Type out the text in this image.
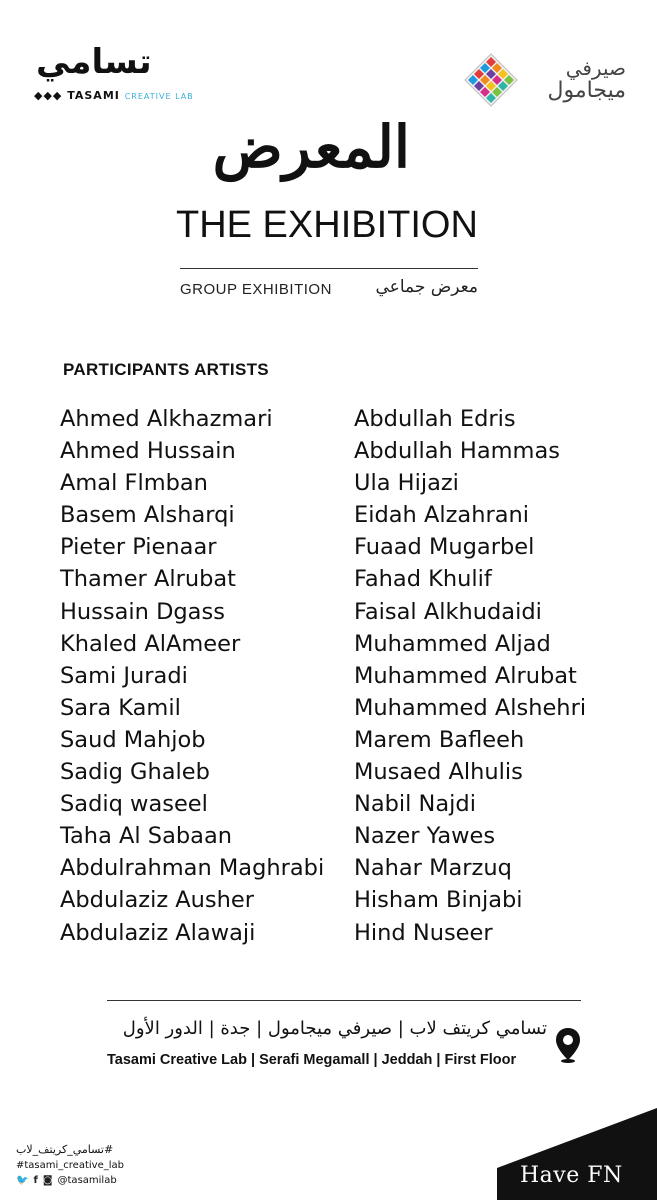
تسامي
◆◆◆ TASAMI CREATIVE LAB
صيرفي
ميجامول
المعرض
THE EXHIBITION
GROUP EXHIBITION	معرض جماعي
PARTICIPANTS ARTISTS
Ahmed Alkhazmari
Ahmed Hussain
Amal Flmban
Basem Alsharqi
Pieter Pienaar
Thamer Alrubat
Hussain Dgass
Khaled AlAmeer
Sami Juradi
Sara Kamil
Saud Mahjob
Sadig Ghaleb
Sadiq waseel
Taha Al Sabaan
Abdulrahman Maghrabi
Abdulaziz Ausher
Abdulaziz Alawaji
Abdullah Edris
Abdullah Hammas
Ula Hijazi
Eidah Alzahrani
Fuaad Mugarbel
Fahad Khulif
Faisal Alkhudaidi
Muhammed Aljad
Muhammed Alrubat
Muhammed Alshehri
Marem Bafleeh
Musaed Alhulis
Nabil Najdi
Nazer Yawes
Nahar Marzuq
Hisham Binjabi
Hind Nuseer
تسامي كريتف لاب | صيرفي ميجامول | جدة | الدور الأول
Tasami Creative Lab | Serafi Megamall | Jeddah | First Floor
#تسامي_كريتف_لاب
#tasami_creative_lab
🐦 f ◙ @tasamilab	Have FN
